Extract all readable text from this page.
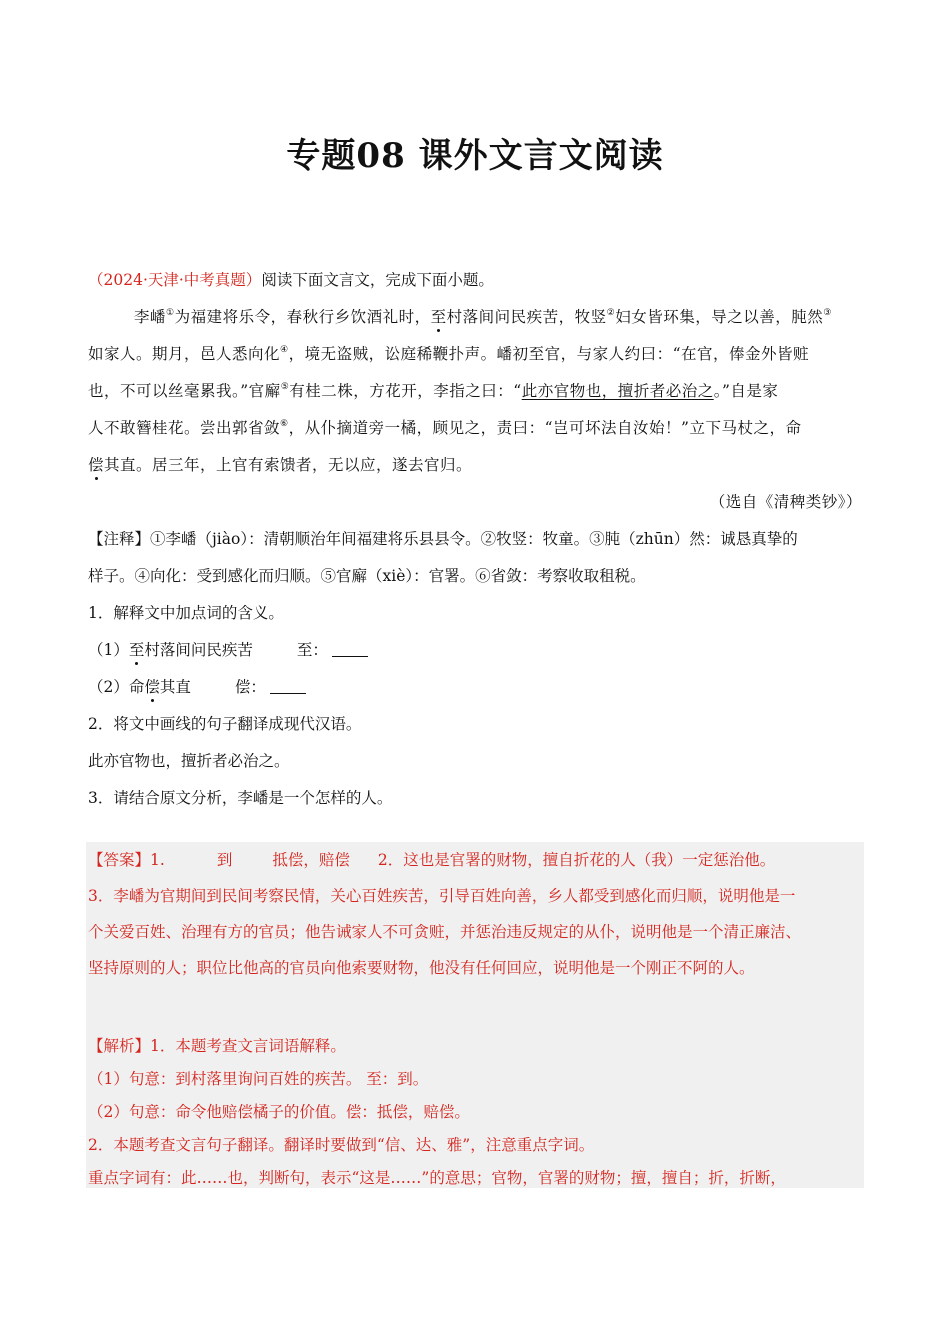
专题08 课外文言文阅读
（2024·天津·中考真题）阅读下面文言文，完成下面小题。
李嶓①为福建将乐令，春秋行乡饮酒礼时，至村落间问民疾苦，牧竖②妇女皆环集，导之以善，肫然③
如家人。期月，邑人悉向化④，境无盗贼，讼庭稀鞭扑声。嶓初至官，与家人约曰：“在官，俸金外皆赃
也，不可以丝毫累我。”官廨⑤有桂二株，方花开，李指之曰：“此亦官物也，擅折者必治之。”自是家
人不敢簪桂花。尝出郭省敛⑥，从仆摘道旁一橘，顾见之，责曰：“岂可坏法自汝始！”立下马杖之，命
偿其直。居三年，上官有索馈者，无以应，遂去官归。
（选自《清稗类钞》）
【注释】①李嶓（jiào）：清朝顺治年间福建将乐县县令。②牧竖：牧童。③肫（zhūn）然：诚恳真挚的
样子。④向化：受到感化而归顺。⑤官廨（xiè）：官署。⑥省敛：考察收取租税。
1．解释文中加点词的含义。
（1）至村落间问民疾苦	至：
（2）命偿其直	偿：
2．将文中画线的句子翻译成现代汉语。
此亦官物也，擅折者必治之。
3．请结合原文分析，李嶓是一个怎样的人。
【答案】1.	到	抵偿，赔偿 2．这也是官署的财物，擅自折花的人（我）一定惩治他。
3．李嶓为官期间到民间考察民情，关心百姓疾苦，引导百姓向善，乡人都受到感化而归顺，说明他是一
个关爱百姓、治理有方的官员；他告诫家人不可贪赃，并惩治违反规定的从仆，说明他是一个清正廉洁、
坚持原则的人；职位比他高的官员向他索要财物，他没有任何回应，说明他是一个刚正不阿的人。
【解析】1．本题考查文言词语解释。
（1）句意：到村落里询问百姓的疾苦。 至：到。
（2）句意：命令他赔偿橘子的价值。偿：抵偿，赔偿。
2．本题考查文言句子翻译。翻译时要做到“信、达、雅”，注意重点字词。
重点字词有：此……也，判断句，表示“这是……”的意思；官物，官署的财物；擅，擅自；折，折断，
